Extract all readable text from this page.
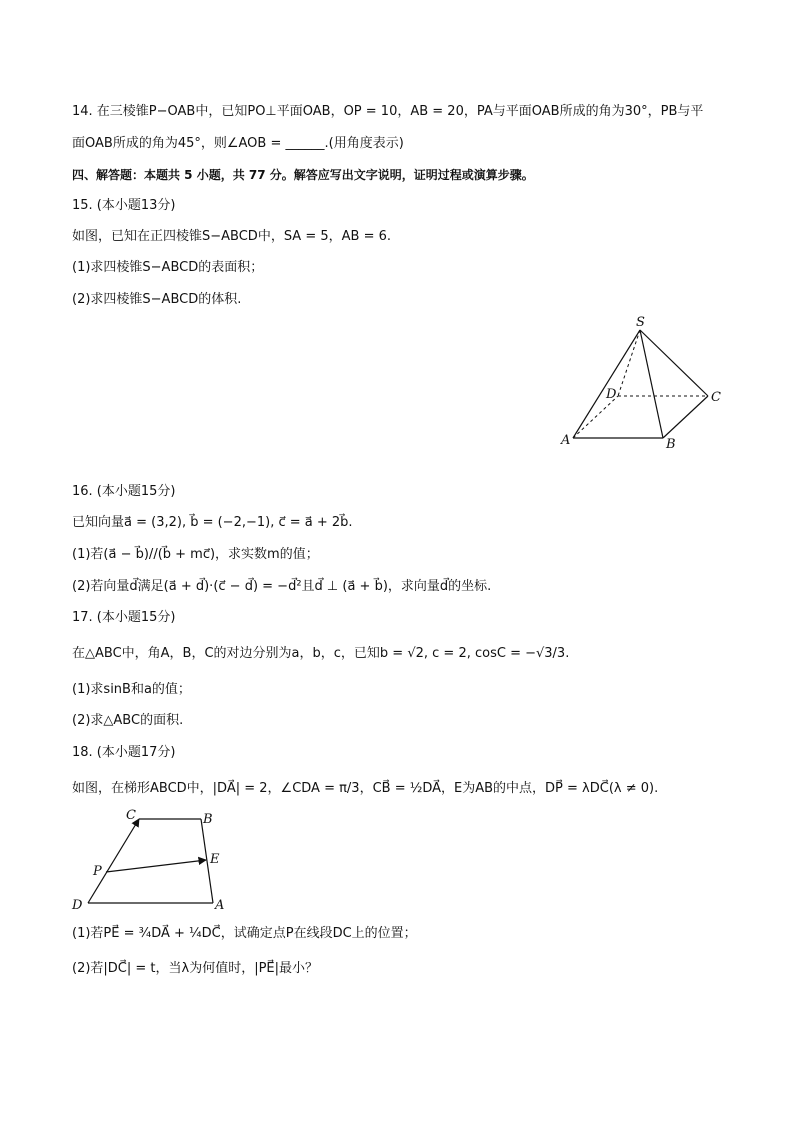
14. 在三棱锥P−OAB中，已知PO⊥平面OAB，OP = 10，AB = 20，PA与平面OAB所成的角为30°，PB与平
面OAB所成的角为45°，则∠AOB = ______.(用角度表示)
四、解答题：本题共 5 小题，共 77 分。解答应写出文字说明，证明过程或演算步骤。
15. (本小题13分)
如图，已知在正四棱锥S−ABCD中，SA = 5，AB = 6.
(1)求四棱锥S−ABCD的表面积；
(2)求四棱锥S−ABCD的体积.
S
D	C
A	B
16. (本小题15分)
已知向量a⃗ = (3,2), b⃗ = (−2,−1), c⃗ = a⃗ + 2b⃗.
(1)若(a⃗ − b⃗)//(b⃗ + mc⃗)，求实数m的值；
(2)若向量d⃗满足(a⃗ + d⃗)·(c⃗ − d⃗) = −d⃗²且d⃗ ⊥ (a⃗ + b⃗)，求向量d⃗的坐标.
17. (本小题15分)
在△ABC中，角A，B，C的对边分别为a，b，c，已知b = √2, c = 2, cosC = −√3/3.
(1)求sinB和a的值；
(2)求△ABC的面积.
18. (本小题17分)
如图，在梯形ABCD中，|DA⃗| = 2，∠CDA = π/3，CB⃗ = ½DA⃗，E为AB的中点，DP⃗ = λDC⃗(λ ≠ 0).
C	B
E
P
D	A
(1)若PE⃗ = ¾DA⃗ + ¼DC⃗，试确定点P在线段DC上的位置；
(2)若|DC⃗| = t，当λ为何值时，|PE⃗|最小？
